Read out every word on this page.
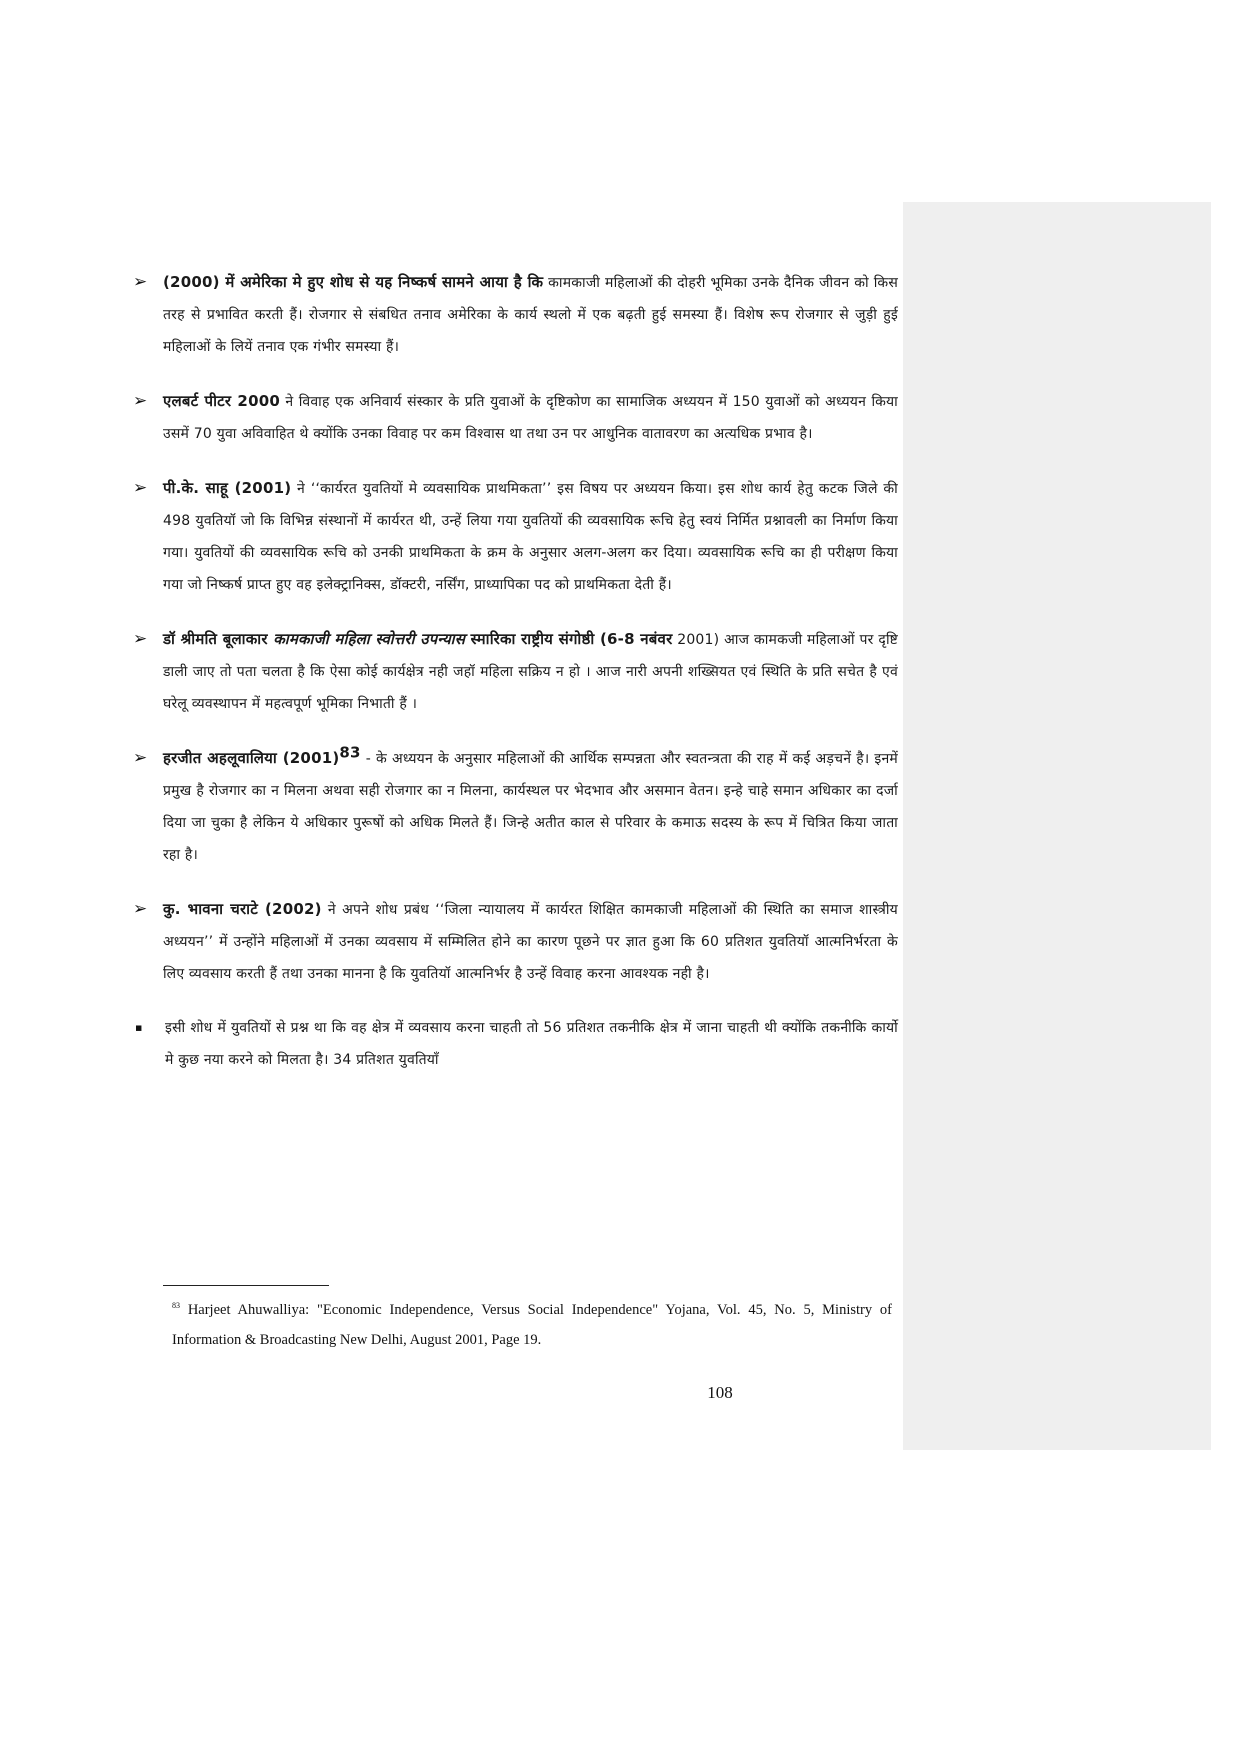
➢	(2000) में अमेरिका मे हुए शोध से यह निष्कर्ष सामने आया है कि कामकाजी महिलाओं की दोहरी भूमिका उनके दैनिक जीवन को किस तरह से प्रभावित करती हैं। रोजगार से संबधित तनाव अमेरिका के कार्य स्थलो में एक बढ़ती हुई समस्या हैं। विशेष रूप रोजगार से जुड़ी हुई महिलाओं के लियें तनाव एक गंभीर समस्या हैं।
➢	एलबर्ट पीटर 2000 ने विवाह एक अनिवार्य संस्कार के प्रति युवाओं के दृष्टिकोण का सामाजिक अध्ययन में 150 युवाओं को अध्ययन किया उसमें 70 युवा अविवाहित थे क्योंकि उनका विवाह पर कम विश्वास था तथा उन पर आधुनिक वातावरण का अत्यधिक प्रभाव है।
➢	पी.के. साहू (2001) ने ‘‘कार्यरत युवतियों मे व्यवसायिक प्राथमिकता’’ इस विषय पर अध्ययन किया। इस शोध कार्य हेतु कटक जिले की 498 युवतियॉ जो कि विभिन्न संस्थानों में कार्यरत थी, उन्हें लिया गया युवतियों की व्यवसायिक रूचि हेतु स्वयं निर्मित प्रश्नावली का निर्माण किया गया। युवतियों की व्यवसायिक रूचि को उनकी प्राथमिकता के क्रम के अनुसार अलग-अलग कर दिया। व्यवसायिक रूचि का ही परीक्षण किया गया जो निष्कर्ष प्राप्त हुए वह इलेक्ट्रानिक्स, डॉक्टरी, नर्सिंग, प्राध्यापिका पद को प्राथमिकता देती हैं।
➢	डॉ श्रीमति बूलाकार कामकाजी महिला स्वोत्तरी उपन्यास स्मारिका राष्ट्रीय संगोष्ठी (6-8 नबंवर 2001) आज कामकजी महिलाओं पर दृष्टि डाली जाए तो पता चलता है कि ऐसा कोई कार्यक्षेत्र नही जहॉ महिला सक्रिय न हो । आज नारी अपनी शख्सियत एवं स्थिति के प्रति सचेत है एवं घरेलू व्यवस्थापन में महत्वपूर्ण भूमिका निभाती हैं ।
➢	हरजीत अहलूवालिया $(2001)^{83}$ - के अध्ययन के अनुसार महिलाओं की आर्थिक सम्पन्नता और स्वतन्त्रता की राह में कई अड़चनें है। इनमें प्रमुख है रोजगार का न मिलना अथवा सही रोजगार का न मिलना, कार्यस्थल पर भेदभाव और असमान वेतन। इन्हे चाहे समान अधिकार का दर्जा दिया जा चुका है लेकिन ये अधिकार पुरूषों को अधिक मिलते हैं। जिन्हे अतीत काल से परिवार के कमाऊ सदस्य के रूप में चित्रित किया जाता रहा है।
➢	कु. भावना चराटे (2002) ने अपने शोध प्रबंध ‘‘जिला न्यायालय में कार्यरत शिक्षित कामकाजी महिलाओं की स्थिति का समाज शास्त्रीय अध्ययन’’ में उन्होंने महिलाओं में उनका व्यवसाय में सम्मिलित होने का कारण पूछने पर ज्ञात हुआ कि 60 प्रतिशत युवतियॉ आत्मनिर्भरता के लिए व्यवसाय करती हैं तथा उनका मानना है कि युवतियॉ आत्मनिर्भर है उन्हें विवाह करना आवश्यक नही है।
▪	इसी शोध में युवतियों से प्रश्न था कि वह क्षेत्र में व्यवसाय करना चाहती तो 56 प्रतिशत तकनीकि क्षेत्र में जाना चाहती थी क्योंकि तकनीकि कार्यो मे कुछ नया करने को मिलता है। 34 प्रतिशत युवतियाँ
$^{83}$ Harjeet Ahuwalliya: "Economic Independence, Versus Social Independence" Yojana, Vol. 45, No. 5, Ministry of Information & Broadcasting New Delhi, August 2001, Page 19.
108
